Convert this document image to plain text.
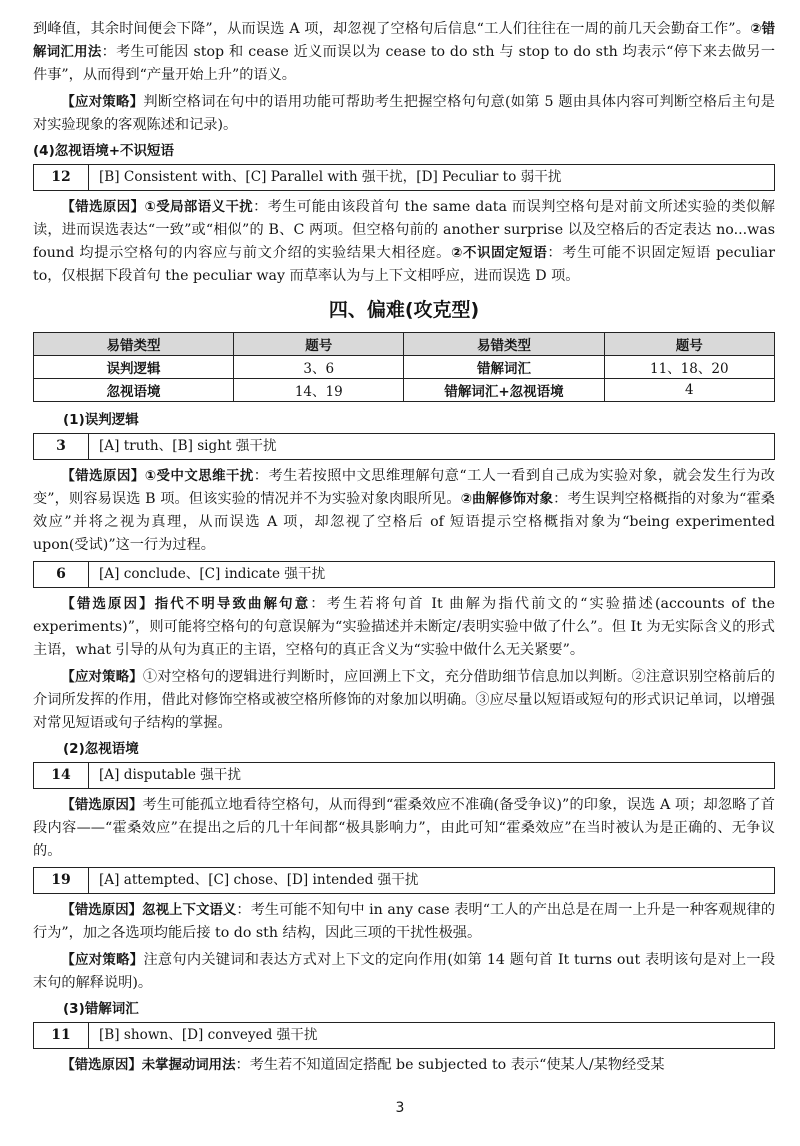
到峰值，其余时间便会下降”，从而误选 A 项，却忽视了空格句后信息“工人们往往在一周的前几天会勤奋工作”。②错解词汇用法：考生可能因 stop 和 cease 近义而误以为 cease to do sth 与 stop to do sth 均表示“停下来去做另一件事”，从而得到“产量开始上升”的语义。

【应对策略】判断空格词在句中的语用功能可帮助考生把握空格句句意(如第 5 题由具体内容可判断空格后主句是对实验现象的客观陈述和记录)。

(4)忽视语境+不识短语
12	[B] Consistent with、[C] Parallel with 强干扰，[D] Peculiar to 弱干扰

【错选原因】①受局部语义干扰：考生可能由该段首句 the same data 而误判空格句是对前文所述实验的类似解读，进而误选表达“一致”或“相似”的 B、C 两项。但空格句前的 another surprise 以及空格后的否定表达 no...was found 均提示空格句的内容应与前文介绍的实验结果大相径庭。②不识固定短语：考生可能不识固定短语 peculiar to，仅根据下段首句 the peculiar way 而草率认为与上下文相呼应，进而误选 D 项。

四、偏难(攻克型)
易错类型	题号	易错类型	题号
误判逻辑	3、6	错解词汇	11、18、20
忽视语境	14、19	错解词汇+忽视语境	4
(1)误判逻辑
3	[A] truth、[B] sight 强干扰

【错选原因】①受中文思维干扰：考生若按照中文思维理解句意“工人一看到自己成为实验对象，就会发生行为改变”，则容易误选 B 项。但该实验的情况并不为实验对象肉眼所见。②曲解修饰对象：考生误判空格概指的对象为“霍桑效应”并将之视为真理，从而误选 A 项，却忽视了空格后 of 短语提示空格概指对象为“being experimented upon(受试)”这一行为过程。

6	[A] conclude、[C] indicate 强干扰

【错选原因】指代不明导致曲解句意：考生若将句首 It 曲解为指代前文的“实验描述(accounts of the experiments)”，则可能将空格句的句意误解为“实验描述并未断定/表明实验中做了什么”。但 It 为无实际含义的形式主语，what 引导的从句为真正的主语，空格句的真正含义为“实验中做什么无关紧要”。

【应对策略】①对空格句的逻辑进行判断时，应回溯上下文，充分借助细节信息加以判断。②注意识别空格前后的介词所发挥的作用，借此对修饰空格或被空格所修饰的对象加以明确。③应尽量以短语或短句的形式识记单词，以增强对常见短语或句子结构的掌握。

(2)忽视语境
14	[A] disputable 强干扰

【错选原因】考生可能孤立地看待空格句，从而得到“霍桑效应不准确(备受争议)”的印象，误选 A 项；却忽略了首段内容——“霍桑效应”在提出之后的几十年间都“极具影响力”，由此可知“霍桑效应”在当时被认为是正确的、无争议的。

19	[A] attempted、[C] chose、[D] intended 强干扰

【错选原因】忽视上下文语义：考生可能不知句中 in any case 表明“工人的产出总是在周一上升是一种客观规律的行为”，加之各选项均能后接 to do sth 结构，因此三项的干扰性极强。

【应对策略】注意句内关键词和表达方式对上下文的定向作用(如第 14 题句首 It turns out 表明该句是对上一段末句的解释说明)。

(3)错解词汇
11	[B] shown、[D] conveyed 强干扰

【错选原因】未掌握动词用法：考生若不知道固定搭配 be subjected to 表示“使某人/某物经受某

3
